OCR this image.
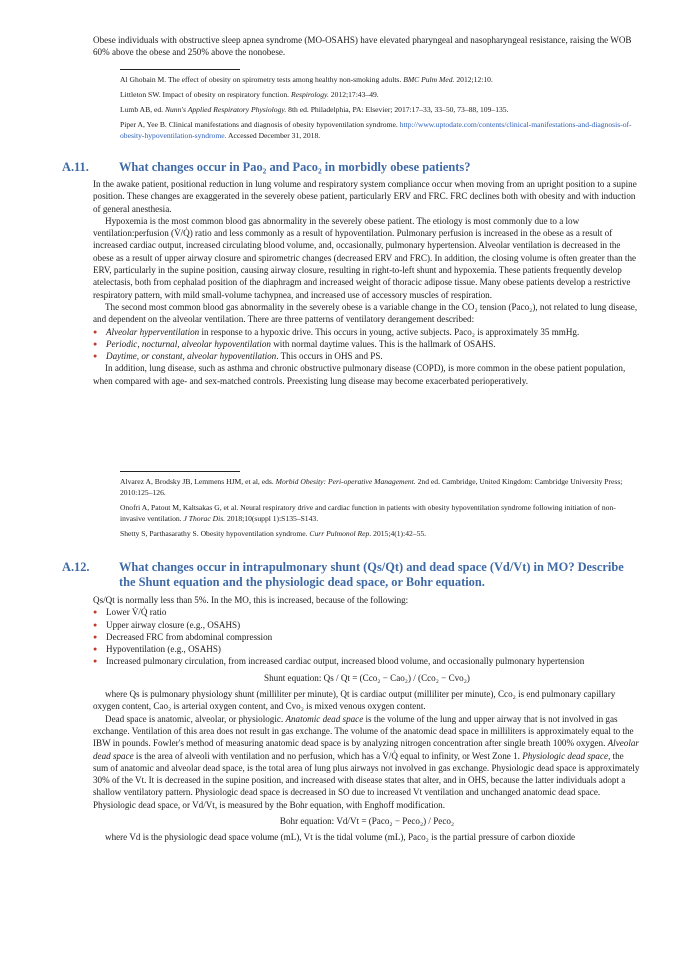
Obese individuals with obstructive sleep apnea syndrome (MO-OSAHS) have elevated pharyngeal and nasopharyngeal resistance, raising the WOB 60% above the obese and 250% above the nonobese.

Al Ghobain M. The effect of obesity on spirometry tests among healthy non-smoking adults. BMC Pulm Med. 2012;12:10.

Littleton SW. Impact of obesity on respiratory function. Respirology. 2012;17:43–49.

Lumb AB, ed. Nunn's Applied Respiratory Physiology. 8th ed. Philadelphia, PA: Elsevier; 2017:17–33, 33–50, 73–88, 109–135.

Piper A, Yee B. Clinical manifestations and diagnosis of obesity hypoventilation syndrome. http://www.uptodate.com/contents/clinical-manifestations-and-diagnosis-of-obesity-hypoventilation-syndrome. Accessed December 31, 2018.

A.11. What changes occur in Pao₂ and Paco₂ in morbidly obese patients?

In the awake patient, positional reduction in lung volume and respiratory system compliance occur when moving from an upright position to a supine position. These changes are exaggerated in the severely obese patient, particularly ERV and FRC. FRC declines both with obesity and with induction of general anesthesia.

Hypoxemia is the most common blood gas abnormality in the severely obese patient. The etiology is most commonly due to a low ventilation:perfusion (V̇/Q̇) ratio and less commonly as a result of hypoventilation. Pulmonary perfusion is increased in the obese as a result of increased cardiac output, increased circulating blood volume, and, occasionally, pulmonary hypertension. Alveolar ventilation is decreased in the obese as a result of upper airway closure and spirometric changes (decreased ERV and FRC). In addition, the closing volume is often greater than the ERV, particularly in the supine position, causing airway closure, resulting in right-to-left shunt and hypoxemia. These patients frequently develop atelectasis, both from cephalad position of the diaphragm and increased weight of thoracic adipose tissue. Many obese patients develop a restrictive respiratory pattern, with mild small-volume tachypnea, and increased use of accessory muscles of respiration.

The second most common blood gas abnormality in the severely obese is a variable change in the CO₂ tension (Paco₂), not related to lung disease, and dependent on the alveolar ventilation. There are three patterns of ventilatory derangement described:

● Alveolar hyperventilation in response to a hypoxic drive. This occurs in young, active subjects. Paco₂ is approximately 35 mmHg.
● Periodic, nocturnal, alveolar hypoventilation with normal daytime values. This is the hallmark of OSAHS.
● Daytime, or constant, alveolar hypoventilation. This occurs in OHS and PS.

In addition, lung disease, such as asthma and chronic obstructive pulmonary disease (COPD), is more common in the obese patient population, when compared with age- and sex-matched controls. Preexisting lung disease may become exacerbated perioperatively.

Alvarez A, Brodsky JB, Lemmens HJM, et al, eds. Morbid Obesity: Peri-operative Management. 2nd ed. Cambridge, United Kingdom: Cambridge University Press; 2010:125–126.

Onofri A, Patout M, Kaltsakas G, et al. Neural respiratory drive and cardiac function in patients with obesity hypoventilation syndrome following initiation of non-invasive ventilation. J Thorac Dis. 2018;10(suppl 1):S135–S143.

Shetty S, Parthasarathy S. Obesity hypoventilation syndrome. Curr Pulmonol Rep. 2015;4(1):42–55.

A.12. What changes occur in intrapulmonary shunt (Qs/Qt) and dead space (Vd/Vt) in MO? Describe
the Shunt equation and the physiologic dead space, or Bohr equation.

Qs/Qt is normally less than 5%. In the MO, this is increased, because of the following:

● Lower V̇/Q̇ ratio
● Upper airway closure (e.g., OSAHS)
● Decreased FRC from abdominal compression
● Hypoventilation (e.g., OSAHS)
● Increased pulmonary circulation, from increased cardiac output, increased blood volume, and occasionally pulmonary hypertension

Shunt equation: Qs / Qt = (Cco₂ − Cao₂) / (Cco₂ − Cvo₂)

where Qs is pulmonary physiology shunt (milliliter per minute), Qt is cardiac output (milliliter per minute), Cco₂ is end pulmonary capillary oxygen content, Cao₂ is arterial oxygen content, and Cvo₂ is mixed venous oxygen content.

Dead space is anatomic, alveolar, or physiologic. Anatomic dead space is the volume of the lung and upper airway that is not involved in gas exchange. Ventilation of this area does not result in gas exchange. The volume of the anatomic dead space in milliliters is approximately equal to the IBW in pounds. Fowler's method of measuring anatomic dead space is by analyzing nitrogen concentration after single breath 100% oxygen. Alveolar dead space is the area of alveoli with ventilation and no perfusion, which has a V̇/Q̇ equal to infinity, or West Zone 1. Physiologic dead space, the sum of anatomic and alveolar dead space, is the total area of lung plus airways not involved in gas exchange. Physiologic dead space is approximately 30% of the Vt. It is decreased in the supine position, and increased with disease states that alter, and in OHS, because the latter individuals adopt a shallow ventilatory pattern. Physiologic dead space is decreased in SO due to increased Vt ventilation and unchanged anatomic dead space. Physiologic dead space, or Vd/Vt, is measured by the Bohr equation, with Enghoff modification.

Bohr equation: Vd/Vt = (Paco₂ − Peco₂) / Peco₂

where Vd is the physiologic dead space volume (mL), Vt is the tidal volume (mL), Paco₂ is the partial pressure of carbon dioxide
